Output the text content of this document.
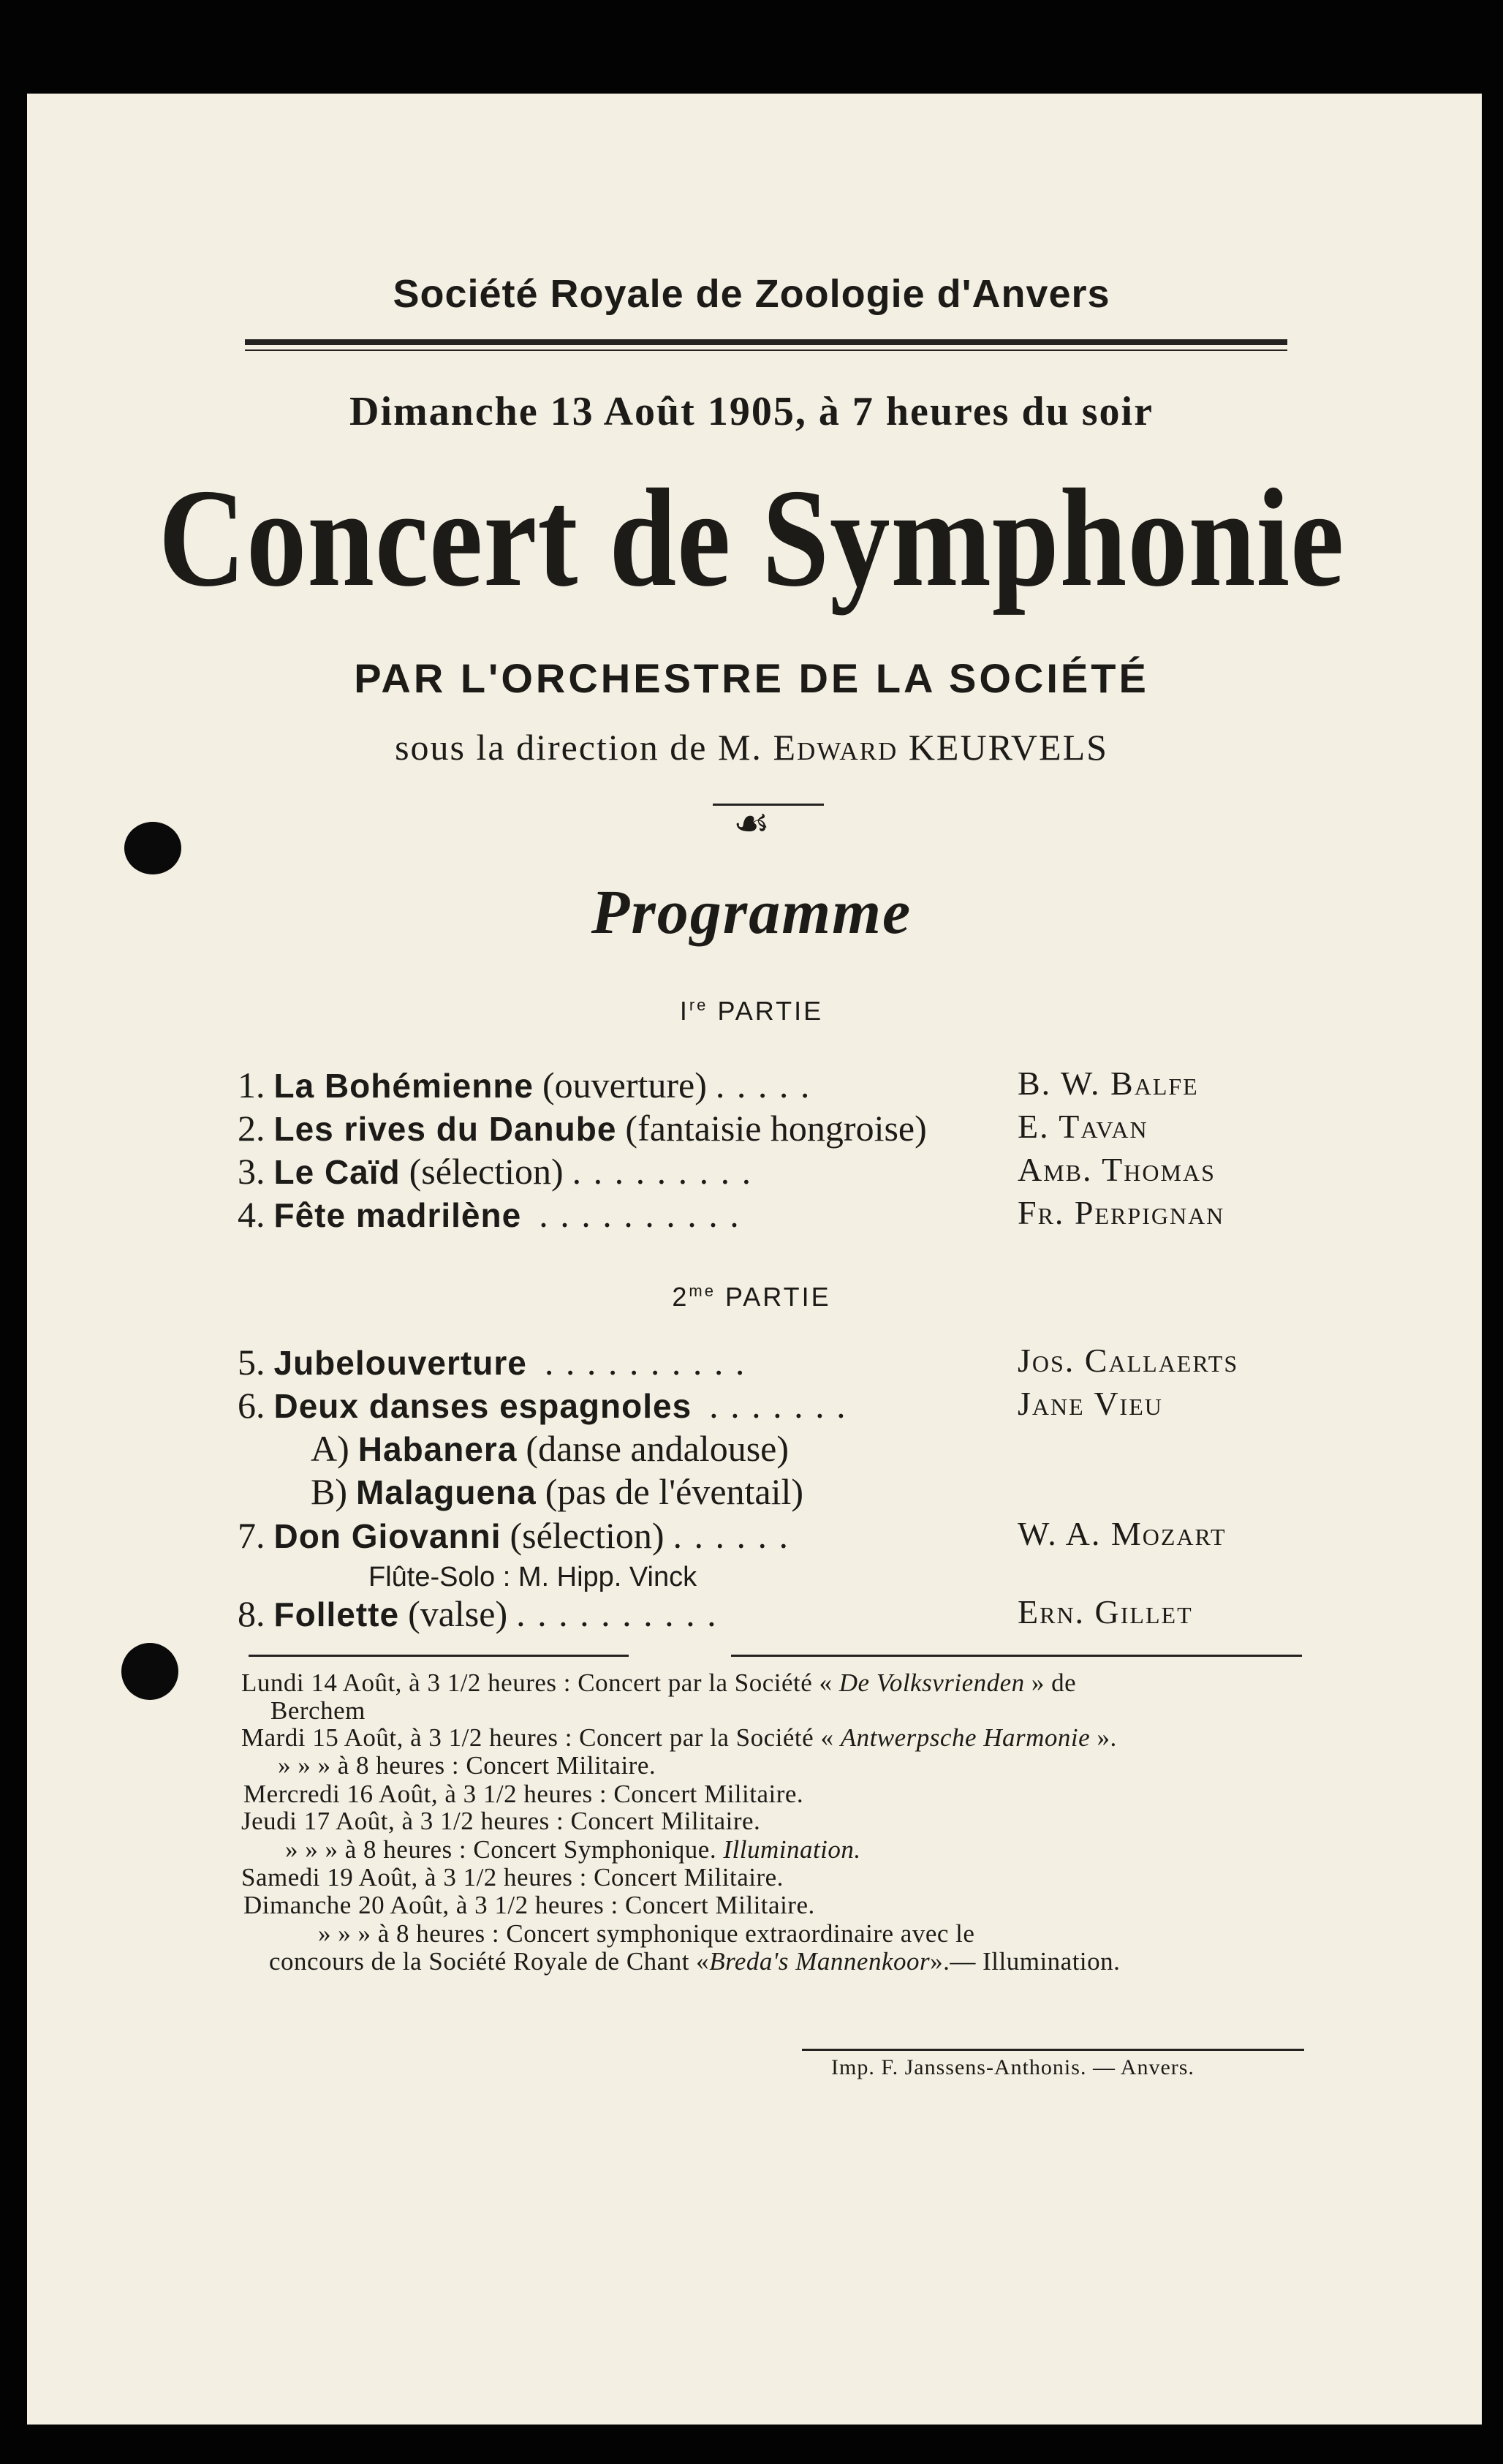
Société Royale de Zoologie d'Anvers
Dimanche 13 Août 1905, à 7 heures du soir
Concert de Symphonie
PAR L'ORCHESTRE DE LA SOCIÉTÉ
sous la direction de M. Edward KEURVELS
☙
Programme
Ire PARTIE
1. La Bohémienne (ouverture) . . . . .	B. W. Balfe
2. Les rives du Danube (fantaisie hongroise)	E. Tavan
3. Le Caïd (sélection) . . . . . . . . .	Amb. Thomas
4. Fête madrilène . . . . . . . . . .	Fr. Perpignan
$2^{me}$ PARTIE
5. Jubelouverture . . . . . . . . . .	Jos. Callaerts
6. Deux danses espagnoles . . . . . . .	Jane Vieu
A) Habanera (danse andalouse)
B) Malaguena (pas de l'éventail)
7. Don Giovanni (sélection) . . . . . .	W. A. Mozart
Flûte-Solo : M. Hipp. Vinck
8. Follette (valse) . . . . . . . . . .	Ern. Gillet
Lundi 14 Août, à 3 1/2 heures : Concert par la Société « De Volksvrienden » de
Berchem
Mardi 15 Août, à 3 1/2 heures : Concert par la Société « Antwerpsche Harmonie ».
» » » à 8 heures : Concert Militaire.
Mercredi 16 Août, à 3 1/2 heures : Concert Militaire.
Jeudi 17 Août, à 3 1/2 heures : Concert Militaire.
» » » à 8 heures : Concert Symphonique. Illumination.
Samedi 19 Août, à 3 1/2 heures : Concert Militaire.
Dimanche 20 Août, à 3 1/2 heures : Concert Militaire.
» » » à 8 heures : Concert symphonique extraordinaire avec le
concours de la Société Royale de Chant «Breda's Mannenkoor».— Illumination.
Imp. F. Janssens-Anthonis. — Anvers.
